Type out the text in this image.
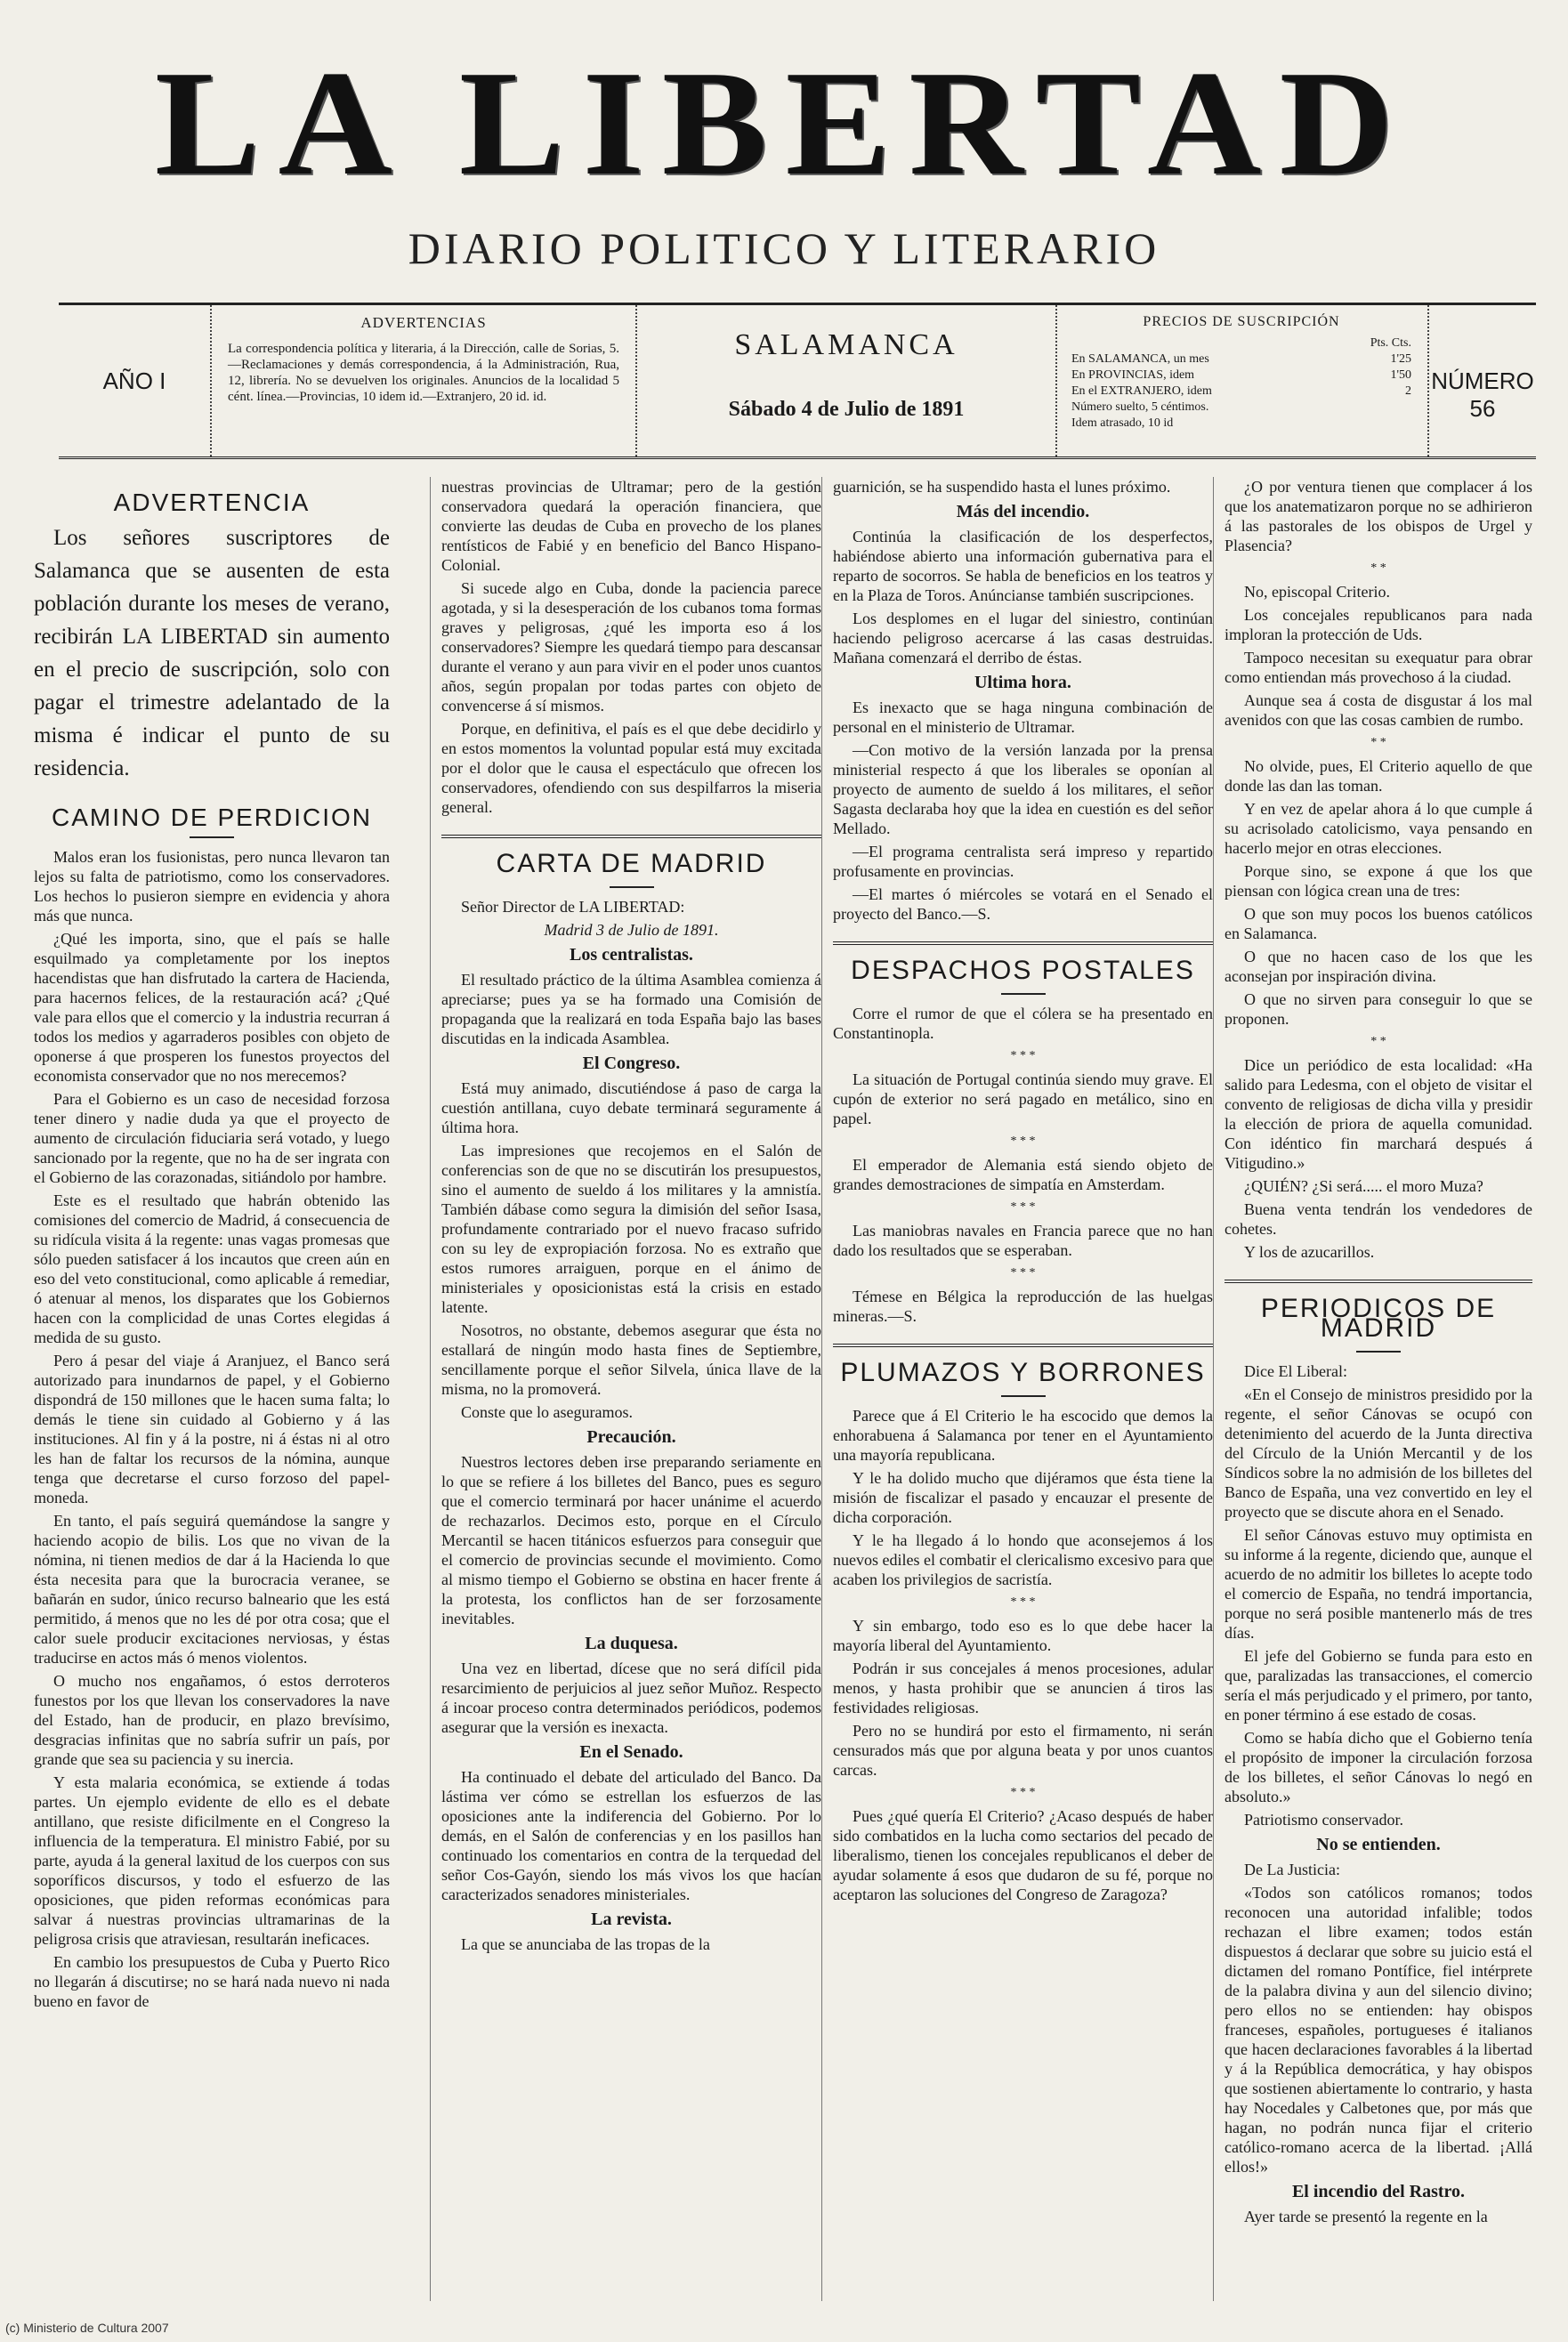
LA LIBERTAD
DIARIO POLITICO Y LITERARIO
AÑO I
ADVERTENCIAS
La correspondencia política y literaria, á la Dirección, calle de Sorias, 5.—Reclamaciones y demás correspondencia, á la Administración, Rua, 12, librería. No se devuelven los originales. Anuncios de la localidad 5 cént. línea.—Provincias, 10 idem id.—Extranjero, 20 id. id.
SALAMANCA
Sábado 4 de Julio de 1891
PRECIOS DE SUSCRIPCIÓN
Pts. Cts.
En SALAMANCA, un mes	1'25
En PROVINCIAS, idem	1'50
En el EXTRANJERO, idem	2
Número suelto, 5 céntimos.
Idem atrasado, 10 id
NÚMERO 56
ADVERTENCIA

Los señores suscriptores de Salamanca que se ausenten de esta población durante los meses de verano, recibirán LA LIBERTAD sin aumento en el precio de suscripción, solo con pagar el trimestre adelantado de la misma é indicar el punto de su residencia.

CAMINO DE PERDICION

Malos eran los fusionistas, pero nunca llevaron tan lejos su falta de patriotismo, como los conservadores. Los hechos lo pusieron siempre en evidencia y ahora más que nunca.

¿Qué les importa, sino, que el país se halle esquilmado ya completamente por los ineptos hacendistas que han disfrutado la cartera de Hacienda, para hacernos felices, de la restauración acá? ¿Qué vale para ellos que el comercio y la industria recurran á todos los medios y agarraderos posibles con objeto de oponerse á que prosperen los funestos proyectos del economista conservador que no nos merecemos?

Para el Gobierno es un caso de necesidad forzosa tener dinero y nadie duda ya que el proyecto de aumento de circulación fiduciaria será votado, y luego sancionado por la regente, que no ha de ser ingrata con el Gobierno de las corazonadas, sitiándolo por hambre.

Este es el resultado que habrán obtenido las comisiones del comercio de Madrid, á consecuencia de su ridícula visita á la regente: unas vagas promesas que sólo pueden satisfacer á los incautos que creen aún en eso del veto constitucional, como aplicable á remediar, ó atenuar al menos, los disparates que los Gobiernos hacen con la complicidad de unas Cortes elegidas á medida de su gusto.

Pero á pesar del viaje á Aranjuez, el Banco será autorizado para inundarnos de papel, y el Gobierno dispondrá de 150 millones que le hacen suma falta; lo demás le tiene sin cuidado al Gobierno y á las instituciones. Al fin y á la postre, ni á éstas ni al otro les han de faltar los recursos de la nómina, aunque tenga que decretarse el curso forzoso del papel-moneda.

En tanto, el país seguirá quemándose la sangre y haciendo acopio de bilis. Los que no vivan de la nómina, ni tienen medios de dar á la Hacienda lo que ésta necesita para que la burocracia veranee, se bañarán en sudor, único recurso balneario que les está permitido, á menos que no les dé por otra cosa; que el calor suele producir excitaciones nerviosas, y éstas traducirse en actos más ó menos violentos.

O mucho nos engañamos, ó estos derroteros funestos por los que llevan los conservadores la nave del Estado, han de producir, en plazo brevísimo, desgracias infinitas que no sabría sufrir un país, por grande que sea su paciencia y su inercia.

Y esta malaria económica, se extiende á todas partes. Un ejemplo evidente de ello es el debate antillano, que resiste dificilmente en el Congreso la influencia de la temperatura. El ministro Fabié, por su parte, ayuda á la general laxitud de los cuerpos con sus soporíficos discursos, y todo el esfuerzo de las oposiciones, que piden reformas económicas para salvar á nuestras provincias ultramarinas de la peligrosa crisis que atraviesan, resultarán ineficaces.

En cambio los presupuestos de Cuba y Puerto Rico no llegarán á discutirse; no se hará nada nuevo ni nada bueno en favor de

nuestras provincias de Ultramar; pero de la gestión conservadora quedará la operación financiera, que convierte las deudas de Cuba en provecho de los planes rentísticos de Fabié y en beneficio del Banco Hispano-Colonial.

Si sucede algo en Cuba, donde la paciencia parece agotada, y si la desesperación de los cubanos toma formas graves y peligrosas, ¿qué les importa eso á los conservadores? Siempre les quedará tiempo para descansar durante el verano y aun para vivir en el poder unos cuantos años, según propalan por todas partes con objeto de convencerse á sí mismos.

Porque, en definitiva, el país es el que debe decidirlo y en estos momentos la voluntad popular está muy excitada por el dolor que le causa el espectáculo que ofrecen los conservadores, ofendiendo con sus despilfarros la miseria general.

CARTA DE MADRID

Señor Director de LA LIBERTAD:

Madrid 3 de Julio de 1891.
Los centralistas.

El resultado práctico de la última Asamblea comienza á apreciarse; pues ya se ha formado una Comisión de propaganda que la realizará en toda España bajo las bases discutidas en la indicada Asamblea.

El Congreso.

Está muy animado, discutiéndose á paso de carga la cuestión antillana, cuyo debate terminará seguramente á última hora.

Las impresiones que recojemos en el Salón de conferencias son de que no se discutirán los presupuestos, sino el aumento de sueldo á los militares y la amnistía. También dábase como segura la dimisión del señor Isasa, profundamente contrariado por el nuevo fracaso sufrido con su ley de expropiación forzosa. No es extraño que estos rumores arraiguen, porque en el ánimo de ministeriales y oposicionistas está la crisis en estado latente.

Nosotros, no obstante, debemos asegurar que ésta no estallará de ningún modo hasta fines de Septiembre, sencillamente porque el señor Silvela, única llave de la misma, no la promoverá.

Conste que lo aseguramos.

Precaución.

Nuestros lectores deben irse preparando seriamente en lo que se refiere á los billetes del Banco, pues es seguro que el comercio terminará por hacer unánime el acuerdo de rechazarlos. Decimos esto, porque en el Círculo Mercantil se hacen titánicos esfuerzos para conseguir que el comercio de provincias secunde el movimiento. Como al mismo tiempo el Gobierno se obstina en hacer frente á la protesta, los conflictos han de ser forzosamente inevitables.

La duquesa.

Una vez en libertad, dícese que no será difícil pida resarcimiento de perjuicios al juez señor Muñoz. Respecto á incoar proceso contra determinados periódicos, podemos asegurar que la versión es inexacta.

En el Senado.

Ha continuado el debate del articulado del Banco. Da lástima ver cómo se estrellan los esfuerzos de las oposiciones ante la indiferencia del Gobierno. Por lo demás, en el Salón de conferencias y en los pasillos han continuado los comentarios en contra de la terquedad del señor Cos-Gayón, siendo los más vivos los que hacían caracterizados senadores ministeriales.

La revista.

La que se anunciaba de las tropas de la

guarnición, se ha suspendido hasta el lunes próximo.

Más del incendio.

Continúa la clasificación de los desperfectos, habiéndose abierto una información gubernativa para el reparto de socorros. Se habla de beneficios en los teatros y en la Plaza de Toros. Anúncianse también suscripciones.

Los desplomes en el lugar del siniestro, continúan haciendo peligroso acercarse á las casas destruidas. Mañana comenzará el derribo de éstas.

Ultima hora.

Es inexacto que se haga ninguna combinación de personal en el ministerio de Ultramar.

—Con motivo de la versión lanzada por la prensa ministerial respecto á que los liberales se oponían al proyecto de aumento de sueldo á los militares, el señor Sagasta declaraba hoy que la idea en cuestión es del señor Mellado.

—El programa centralista será impreso y repartido profusamente en provincias.

—El martes ó miércoles se votará en el Senado el proyecto del Banco.—S.

DESPACHOS POSTALES

Corre el rumor de que el cólera se ha presentado en Constantinopla.

* * *

La situación de Portugal continúa siendo muy grave. El cupón de exterior no será pagado en metálico, sino en papel.

* * *

El emperador de Alemania está siendo objeto de grandes demostraciones de simpatía en Amsterdam.

* * *

Las maniobras navales en Francia parece que no han dado los resultados que se esperaban.

* * *

Témese en Bélgica la reproducción de las huelgas mineras.—S.

PLUMAZOS Y BORRONES

Parece que á El Criterio le ha escocido que demos la enhorabuena á Salamanca por tener en el Ayuntamiento una mayoría republicana.

Y le ha dolido mucho que dijéramos que ésta tiene la misión de fiscalizar el pasado y encauzar el presente de dicha corporación.

Y le ha llegado á lo hondo que aconsejemos á los nuevos ediles el combatir el clericalismo excesivo para que acaben los privilegios de sacristía.

* * *

Y sin embargo, todo eso es lo que debe hacer la mayoría liberal del Ayuntamiento.

Podrán ir sus concejales á menos procesiones, adular menos, y hasta prohibir que se anuncien á tiros las festividades religiosas.

Pero no se hundirá por esto el firmamento, ni serán censurados más que por alguna beata y por unos cuantos carcas.

* * *

Pues ¿qué quería El Criterio? ¿Acaso después de haber sido combatidos en la lucha como sectarios del pecado de liberalismo, tienen los concejales republicanos el deber de ayudar solamente á esos que dudaron de su fé, porque no aceptaron las soluciones del Congreso de Zaragoza?

¿O por ventura tienen que complacer á los que los anatematizaron porque no se adhirieron á las pastorales de los obispos de Urgel y Plasencia?

* *

No, episcopal Criterio.

Los concejales republicanos para nada imploran la protección de Uds.

Tampoco necesitan su exequatur para obrar como entiendan más provechoso á la ciudad.

Aunque sea á costa de disgustar á los mal avenidos con que las cosas cambien de rumbo.

* *

No olvide, pues, El Criterio aquello de que donde las dan las toman.

Y en vez de apelar ahora á lo que cumple á su acrisolado catolicismo, vaya pensando en hacerlo mejor en otras elecciones.

Porque sino, se expone á que los que piensan con lógica crean una de tres:

O que son muy pocos los buenos católicos en Salamanca.

O que no hacen caso de los que les aconsejan por inspiración divina.

O que no sirven para conseguir lo que se proponen.

* *

Dice un periódico de esta localidad: «Ha salido para Ledesma, con el objeto de visitar el convento de religiosas de dicha villa y presidir la elección de priora de aquella comunidad. Con idéntico fin marchará después á Vitigudino.»

¿QUIÉN? ¿Si será..... el moro Muza?

Buena venta tendrán los vendedores de cohetes.

Y los de azucarillos.

PERIODICOS DE MADRID

Dice El Liberal:

«En el Consejo de ministros presidido por la regente, el señor Cánovas se ocupó con detenimiento del acuerdo de la Junta directiva del Círculo de la Unión Mercantil y de los Síndicos sobre la no admisión de los billetes del Banco de España, una vez convertido en ley el proyecto que se discute ahora en el Senado.

El señor Cánovas estuvo muy optimista en su informe á la regente, diciendo que, aunque el acuerdo de no admitir los billetes lo acepte todo el comercio de España, no tendrá importancia, porque no será posible mantenerlo más de tres días.

El jefe del Gobierno se funda para esto en que, paralizadas las transacciones, el comercio sería el más perjudicado y el primero, por tanto, en poner término á ese estado de cosas.

Como se había dicho que el Gobierno tenía el propósito de imponer la circulación forzosa de los billetes, el señor Cánovas lo negó en absoluto.»

Patriotismo conservador.

No se entienden.

De La Justicia:

«Todos son católicos romanos; todos reconocen una autoridad infalible; todos rechazan el libre examen; todos están dispuestos á declarar que sobre su juicio está el dictamen del romano Pontífice, fiel intérprete de la palabra divina y aun del silencio divino; pero ellos no se entienden: hay obispos franceses, españoles, portugueses é italianos que hacen declaraciones favorables á la libertad y á la República democrática, y hay obispos que sostienen abiertamente lo contrario, y hasta hay Nocedales y Calbetones que, por más que hagan, no podrán nunca fijar el criterio católico-romano acerca de la libertad. ¡Allá ellos!»

El incendio del Rastro.

Ayer tarde se presentó la regente en la

(c) Ministerio de Cultura 2007
